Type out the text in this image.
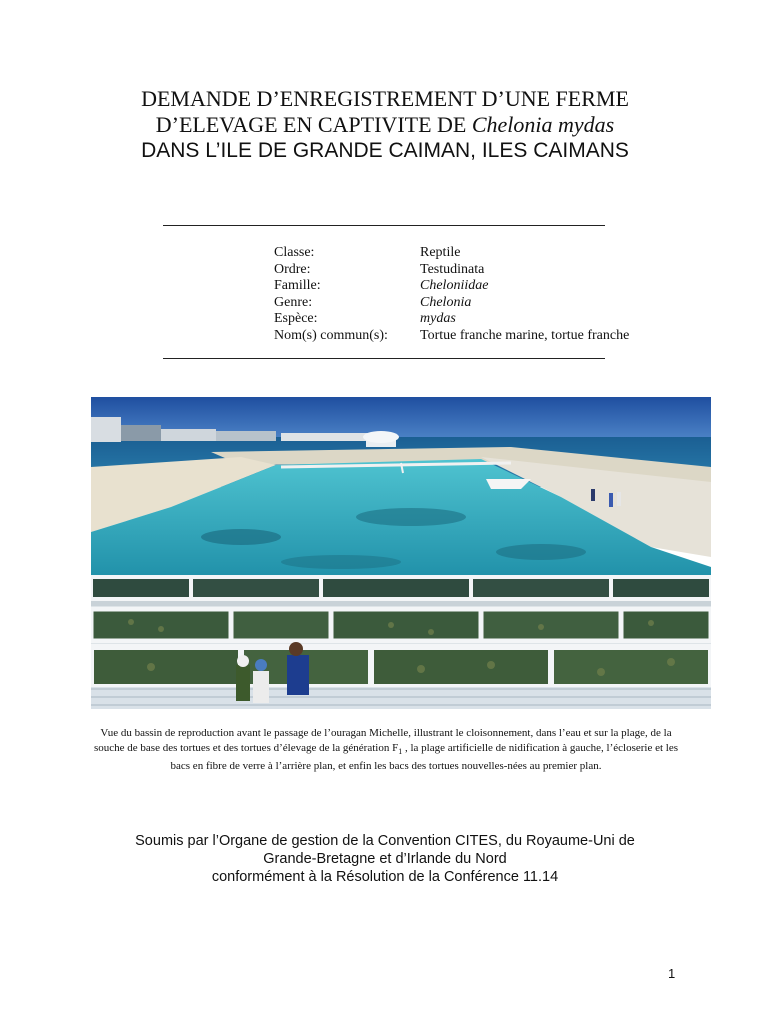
DEMANDE D’ENREGISTREMENT D’UNE FERME
D’ELEVAGE EN CAPTIVITE DE Chelonia mydas
DANS L’ILE DE GRANDE CAIMAN, ILES CAIMANS
Classe:	Reptile
Ordre:	Testudinata
Famille:	Cheloniidae
Genre:	Chelonia
Espèce:	mydas
Nom(s) commun(s): Tortue franche marine, tortue franche
Vue du bassin de reproduction avant le passage de l’ouragan Michelle, illustrant le cloisonnement, dans l’eau et sur la plage, de la souche de base des tortues et des tortues d’élevage de la génération $F_1$ , la plage artificielle de nidification à gauche, l’écloserie et les bacs en fibre de verre à l’arrière plan, et enfin les bacs des tortues nouvelles-nées au premier plan.
Soumis par l’Organe de gestion de la Convention CITES, du Royaume-Uni de
Grande-Bretagne et d’Irlande du Nord
conformément à la Résolution de la Conférence 11.14
1
